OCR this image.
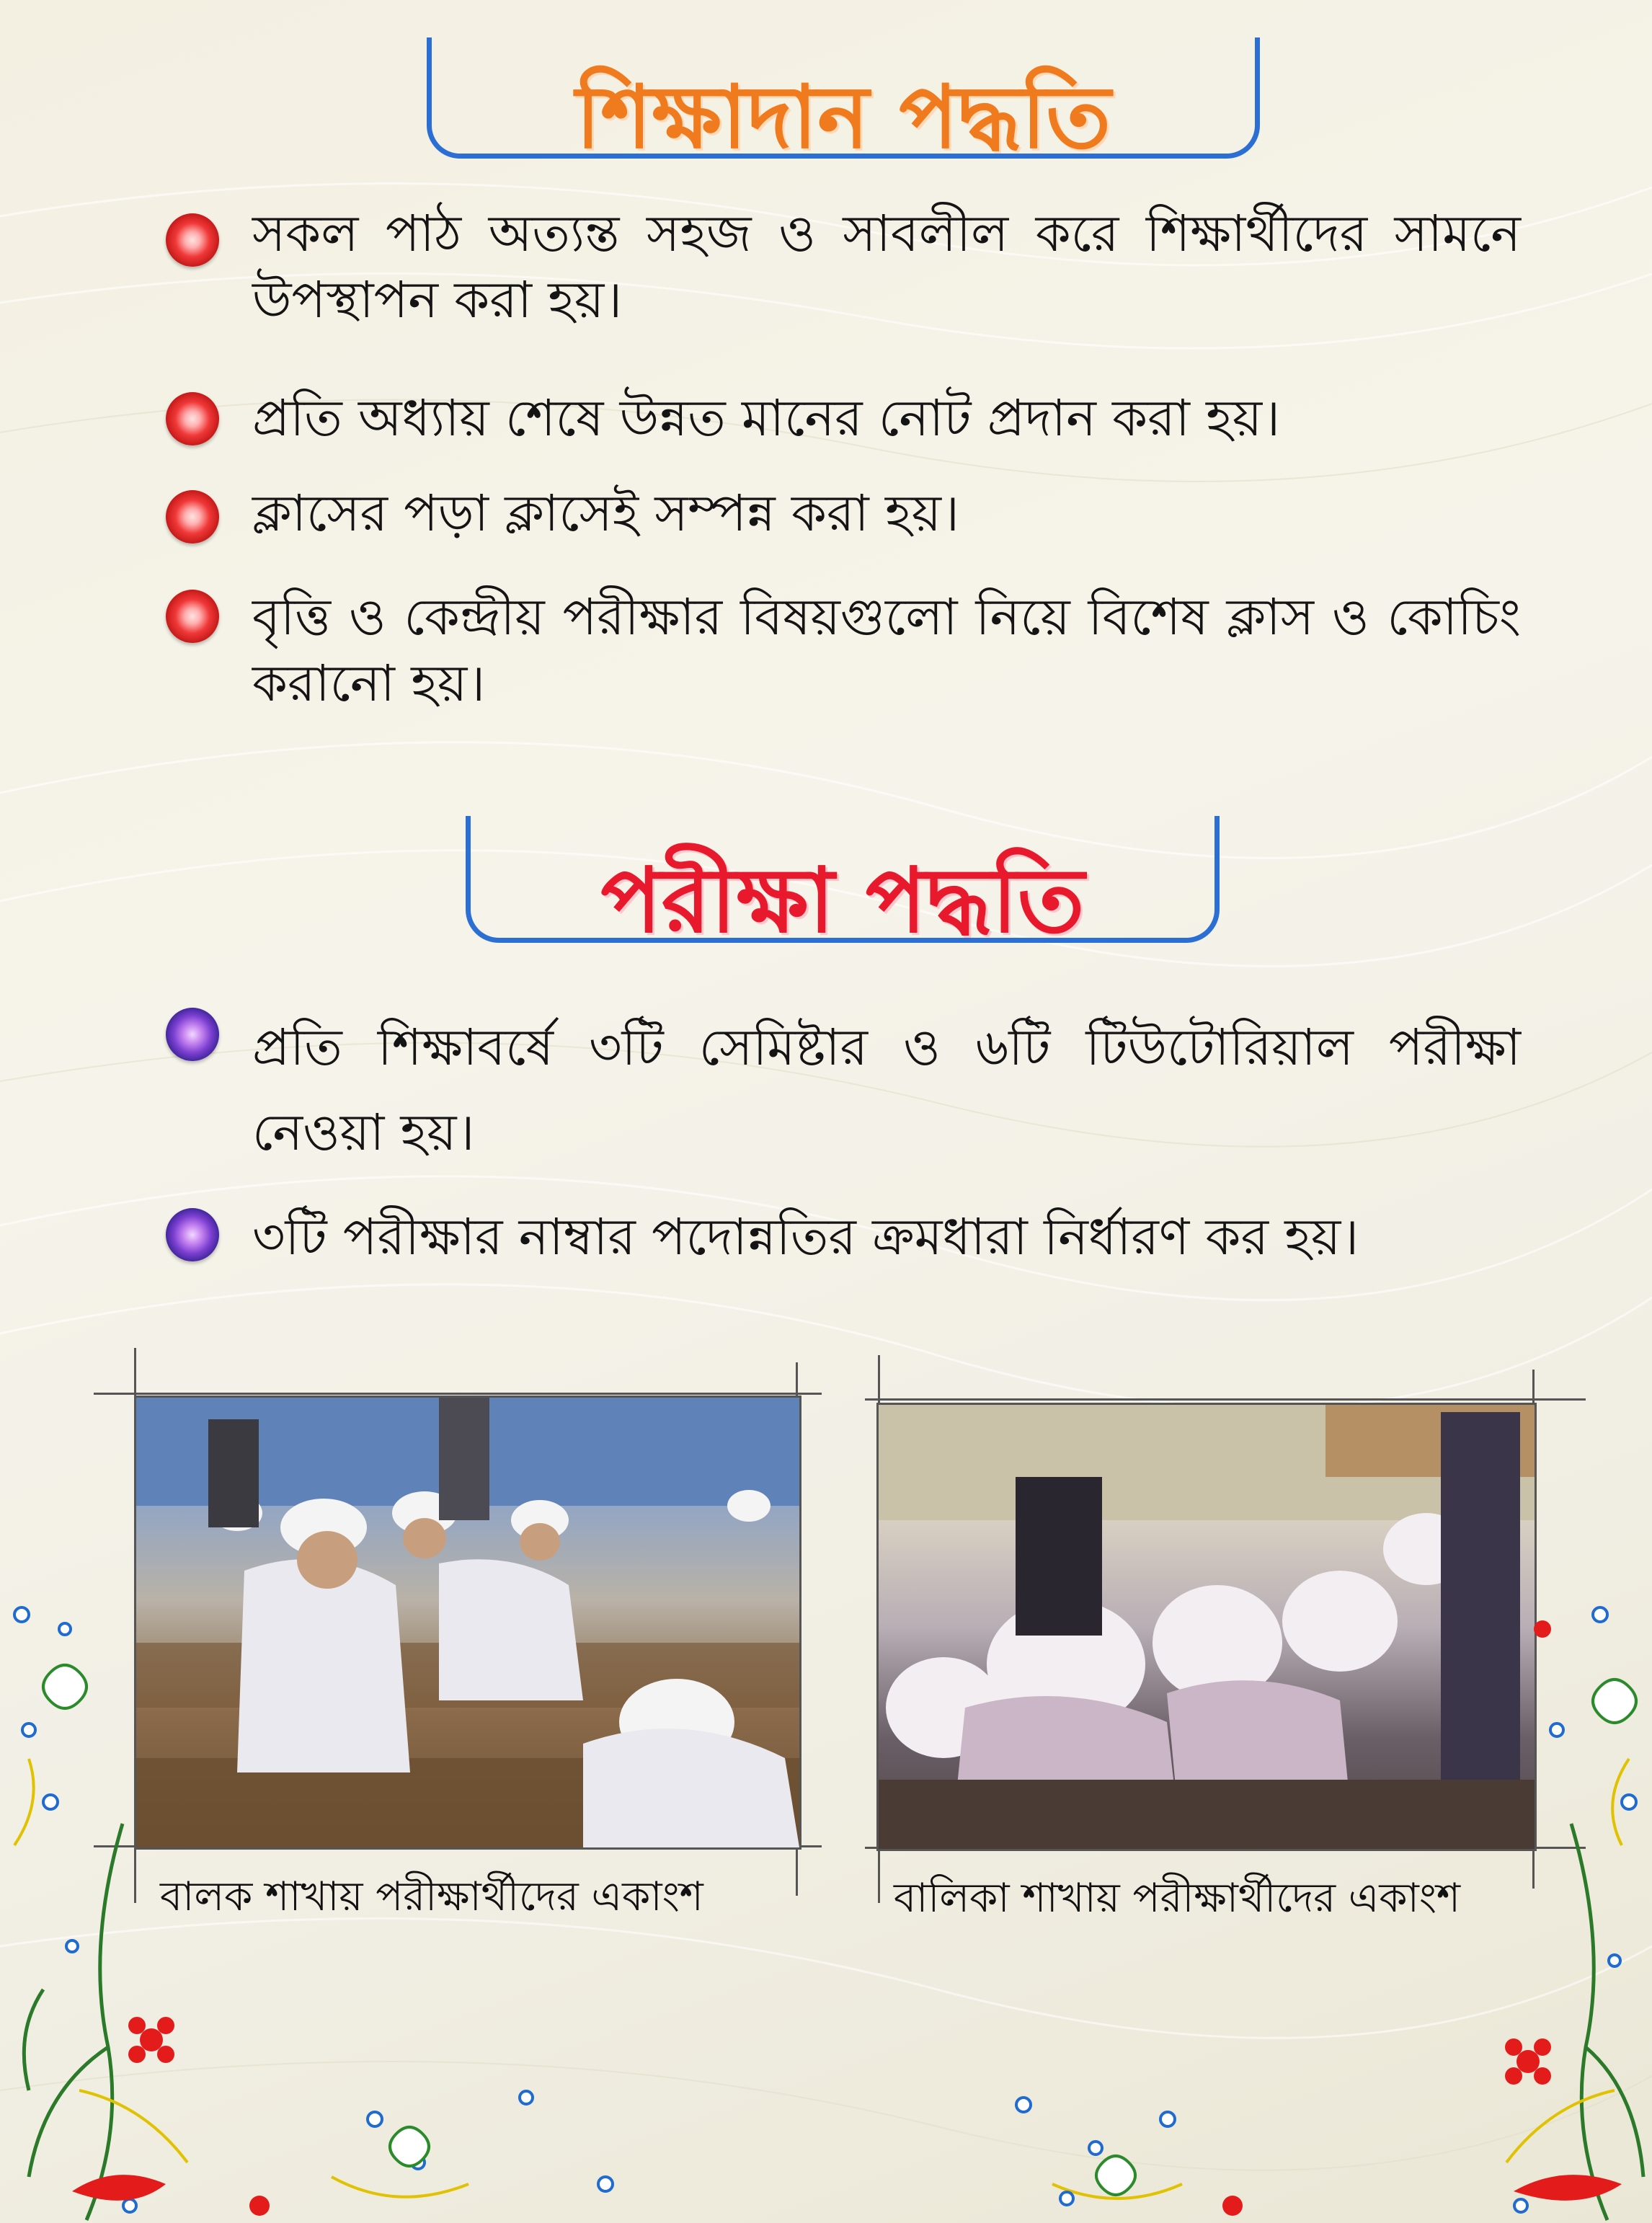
শিক্ষাদান পদ্ধতি
সকল পাঠ অত্যন্ত সহজ ও সাবলীল করে শিক্ষার্থীদের সামনে উপস্থাপন করা হয়।
প্রতি অধ্যায় শেষে উন্নত মানের নোট প্রদান করা হয়।
ক্লাসের পড়া ক্লাসেই সম্পন্ন করা হয়।
বৃত্তি ও কেন্দ্রীয় পরীক্ষার বিষয়গুলো নিয়ে বিশেষ ক্লাস ও কোচিং করানো হয়।
পরীক্ষা পদ্ধতি
প্রতি শিক্ষাবর্ষে ৩টি সেমিষ্টার ও ৬টি টিউটোরিয়াল পরীক্ষা নেওয়া হয়।
৩টি পরীক্ষার নাম্বার পদোন্নতির ক্রমধারা নির্ধারণ কর হয়।
বালক শাখায় পরীক্ষার্থীদের একাংশ	বালিকা শাখায় পরীক্ষার্থীদের একাংশ
